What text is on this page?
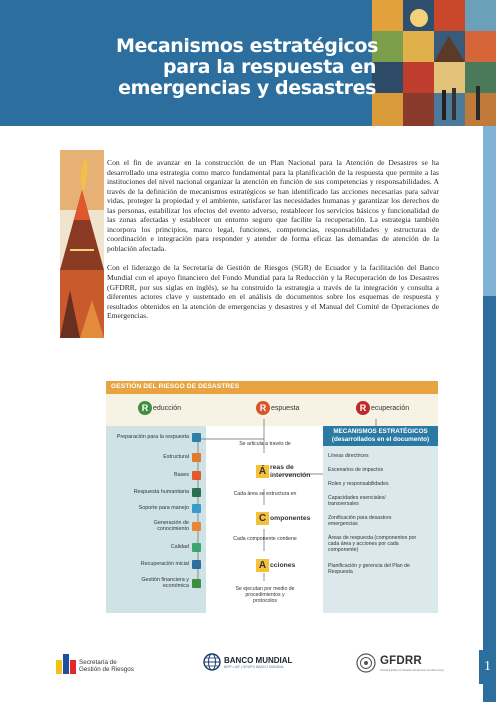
Mecanismos estratégicos
para la respuesta en
emergencias y desastres

Con el fin de avanzar en la construcción de un Plan Nacional para la Atención de Desastres se ha desarrollado una estrategia como marco fundamental para la planificación de la respuesta que permite a las instituciones del nivel nacional organizar la atención en función de sus competencias y responsabilidades. A través de la definición de mecanismos estratégicos se han identificado las acciones necesarias para salvar vidas, proteger la propiedad y el ambiente, satisfacer las necesidades humanas y garantizar los derechos de las personas, estabilizar los efectos del evento adverso, restablecer los servicios básicos y funcionalidad de las zonas afectadas y establecer un entorno seguro que facilite la recuperación. La estrategia también incorpora los principios, marco legal, funciones, competencias, responsabilidades y estructuras de coordinación e integración para responder y atender de forma eficaz las demandas de atención de la población afectada.

Con el liderazgo de la Secretaría de Gestión de Riesgos (SGR) de Ecuador y la facilitación del Banco Mundial con el apoyo financiero del Fondo Mundial para la Reducción y la Recuperación de los Desastres (GFDRR, por sus siglas en inglés), se ha construido la estrategia a través de la integración y consulta a diferentes actores clave y sustentado en el análisis de documentos sobre los esquemas de respuesta y resultados obtenidos en la atención de emergencias y desastres y el Manual del Comité de Operaciones de Emergencias.

GESTIÓN DEL RIESGO DE DESASTRES
R educción	R espuesta	R ecuperación
MECANISMOS ESTRATÉGICOS
(desarrollados en el documento)
Preparación para la respuesta
Estructural
Bases
Respuesta humanitaria
Soporte para manejo
Generación de conocimiento
Calidad
Recuperación inicial
Gestión financiera y económica
Se articula a través de
Á reas de
intervención
Cada área se estructura en
C omponentes
Cada componente contiene
A cciones
Se ejecutan por medio de
procedimientos y
protocolos
Líneas directrices
Escenarios de impactos
Roles y responsabilidades
Capacidades esenciales/ transversales
Zonificación para desastres emergencias
Áreas de respuesta (componentes por cada área y acciones por cada componente)
Planificación y gerencia del Plan de Respuesta
Secretaría de
Gestión de Riesgos
BANCO MUNDIAL
BIRF • AIF | GRUPO BANCO MUNDIAL	GFDRR
Global Facility for Disaster Reduction and Recovery	1
